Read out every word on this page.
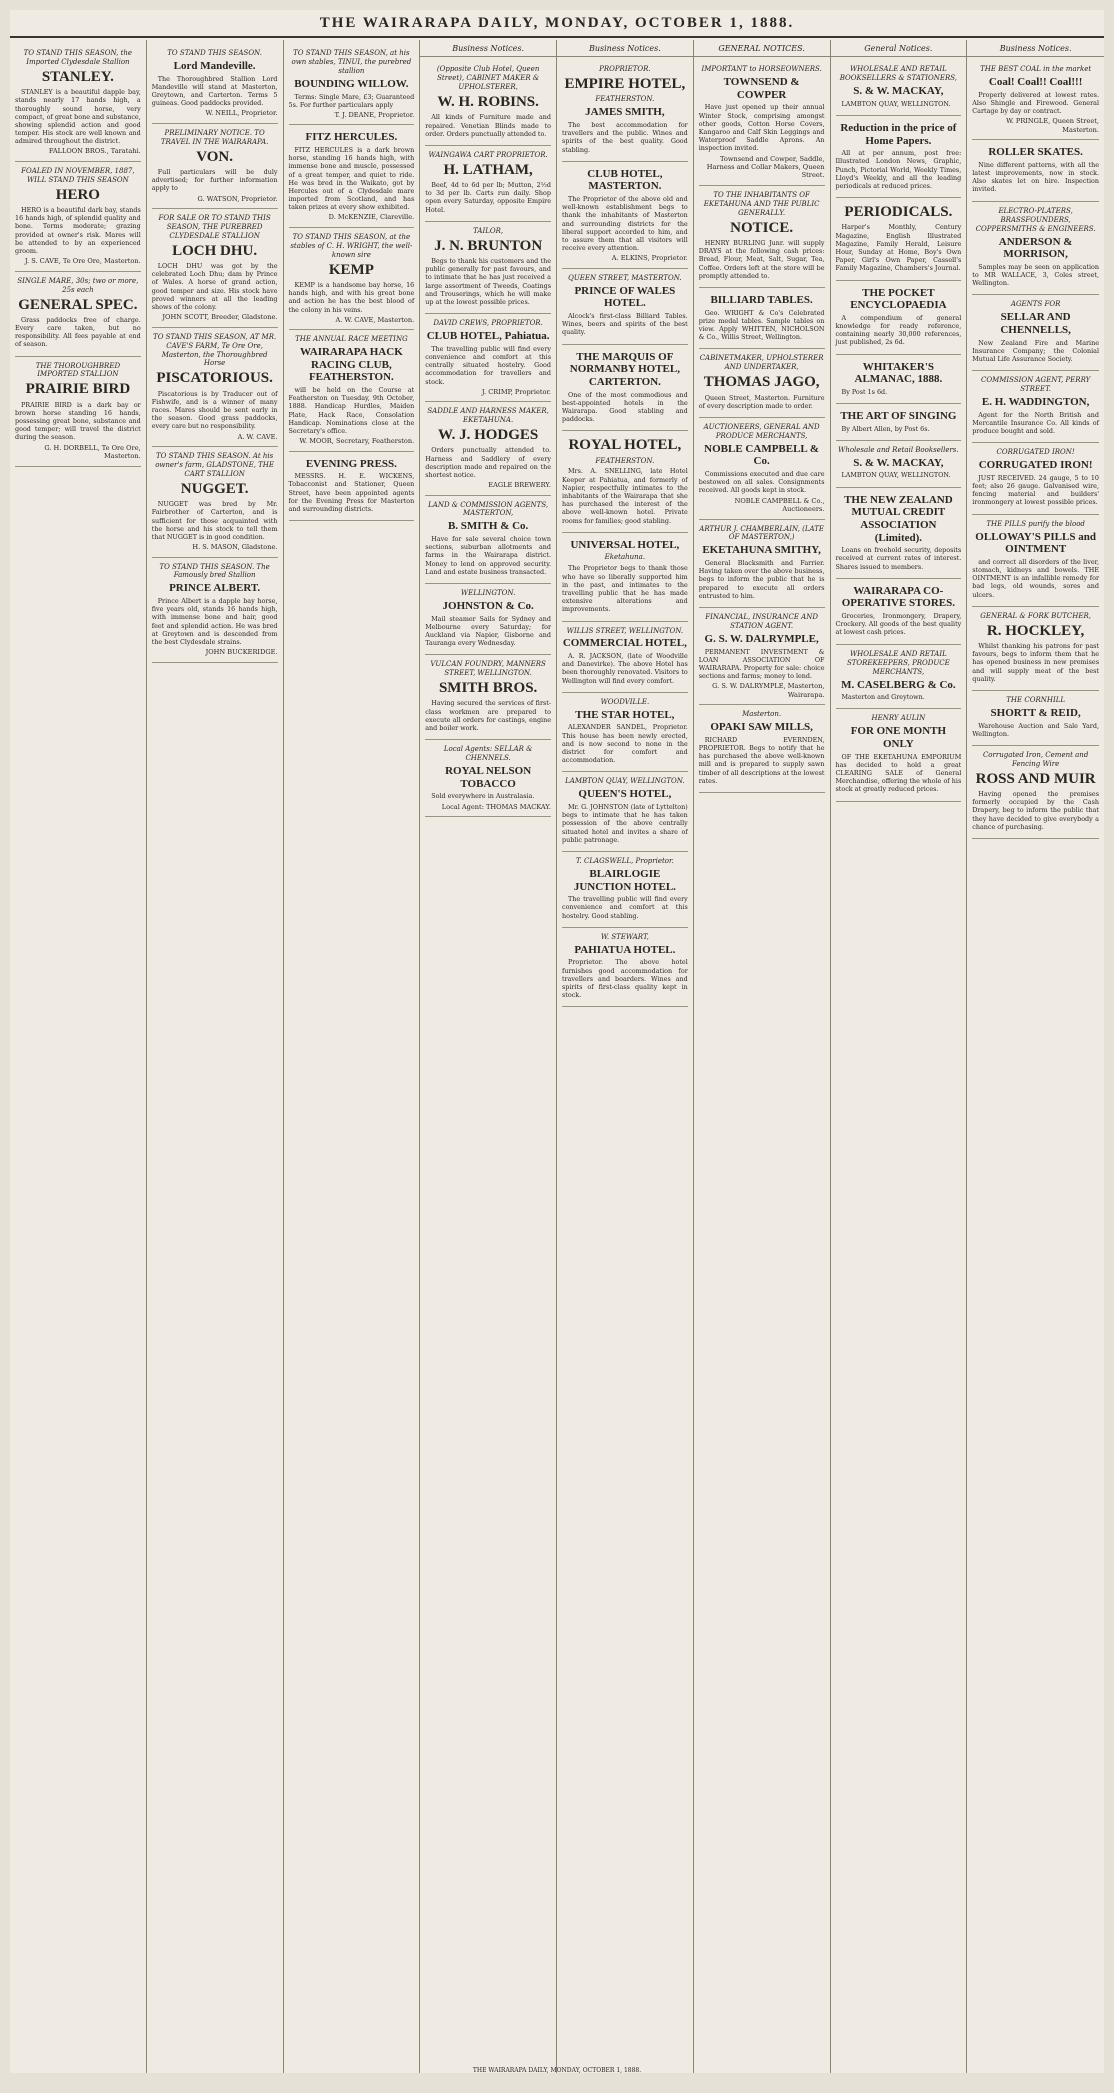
THE WAIRARAPA DAILY, MONDAY, OCTOBER 1, 1888.
TO STAND THIS SEASON, the Imported Clydesdale Stallion
STANLEY.

STANLEY is a beautiful dapple bay, stands nearly 17 hands high, a thoroughly sound horse, very compact, of great bone and substance, showing splendid action and good temper. His stock are well known and admired throughout the district.

FALLOON BROS., Taratahi.
FOALED IN NOVEMBER, 1887, WILL STAND THIS SEASON
HERO

HERO is a beautiful dark bay, stands 16 hands high, of splendid quality and bone. Terms moderate; grazing provided at owner's risk. Mares will be attended to by an experienced groom.

J. S. CAVE, Te Ore Ore, Masterton.
SINGLE MARE, 30s; two or more, 25s each
GENERAL SPEC.

Grass paddocks free of charge. Every care taken, but no responsibility. All fees payable at end of season.

THE THOROUGHBRED IMPORTED STALLION
PRAIRIE BIRD

PRAIRIE BIRD is a dark bay or brown horse standing 16 hands, possessing great bone, substance and good temper; will travel the district during the season.

G. H. DORBELL, Te Ore Ore, Masterton.
TO STAND THIS SEASON.
Lord Mandeville.

The Thoroughbred Stallion Lord Mandeville will stand at Masterton, Greytown, and Carterton. Terms 5 guineas. Good paddocks provided.

W. NEILL, Proprietor.
PRELIMINARY NOTICE. TO TRAVEL IN THE WAIRARAPA.
VON.

Full particulars will be duly advertised; for further information apply to

G. WATSON, Proprietor.
FOR SALE OR TO STAND THIS SEASON, THE PUREBRED CLYDESDALE STALLION
LOCH DHU.

LOCH DHU was got by the celebrated Loch Dhu; dam by Prince of Wales. A horse of grand action, good temper and size. His stock have proved winners at all the leading shows of the colony.

JOHN SCOTT, Breeder, Gladstone.
TO STAND THIS SEASON, AT MR. CAVE'S FARM, Te Ore Ore, Masterton, the Thoroughbred Horse
PISCATORIOUS.

Piscatorious is by Traducer out of Fishwife, and is a winner of many races. Mares should be sent early in the season. Good grass paddocks, every care but no responsibility.

A. W. CAVE.
TO STAND THIS SEASON. At his owner's farm, GLADSTONE, THE CART STALLION
NUGGET.

NUGGET was bred by Mr. Fairbrother of Carterton, and is sufficient for those acquainted with the horse and his stock to tell them that NUGGET is in good condition.

H. S. MASON, Gladstone.
TO STAND THIS SEASON. The Famously bred Stallion
PRINCE ALBERT.

Prince Albert is a dapple bay horse, five years old, stands 16 hands high, with immense bone and hair, good feet and splendid action. He was bred at Greytown and is descended from the best Clydesdale strains.

JOHN BUCKERIDGE.
TO STAND THIS SEASON, at his own stables, TINUI, the purebred stallion
BOUNDING WILLOW.

Terms: Single Mare, £3; Guaranteed 5s. For further particulars apply

T. J. DEANE, Proprietor.
FITZ HERCULES.

FITZ HERCULES is a dark brown horse, standing 16 hands high, with immense bone and muscle, possessed of a great temper, and quiet to ride. He was bred in the Waikato, got by Hercules out of a Clydesdale mare imported from Scotland, and has taken prizes at every show exhibited.

D. McKENZIE, Clareville.
TO STAND THIS SEASON, at the stables of C. H. WRIGHT, the well-known sire
KEMP

KEMP is a handsome bay horse, 16 hands high, and with his great bone and action he has the best blood of the colony in his veins.

A. W. CAVE, Masterton.
THE ANNUAL RACE MEETING
WAIRARAPA HACK RACING CLUB, FEATHERSTON.

will be held on the Course at Featherston on Tuesday, 9th October, 1888. Handicap Hurdles, Maiden Plate, Hack Race, Consolation Handicap. Nominations close at the Secretary's office.

W. MOOR, Secretary, Featherston.
EVENING PRESS.

MESSRS. H. E. WICKENS, Tobacconist and Stationer, Queen Street, have been appointed agents for the Evening Press for Masterton and surrounding districts.

Business Notices.
(Opposite Club Hotel, Queen Street), CABINET MAKER & UPHOLSTERER,
W. H. ROBINS.

All kinds of Furniture made and repaired. Venetian Blinds made to order. Orders punctually attended to.

WAINGAWA CART PROPRIETOR.
H. LATHAM,

Beef, 4d to 6d per lb; Mutton, 2½d to 3d per lb. Carts run daily. Shop open every Saturday, opposite Empire Hotel.

TAILOR,
J. N. BRUNTON

Begs to thank his customers and the public generally for past favours, and to intimate that he has just received a large assortment of Tweeds, Coatings and Trouserings, which he will make up at the lowest possible prices.

DAVID CREWS, PROPRIETOR.
CLUB HOTEL, Pahiatua.

The travelling public will find every convenience and comfort at this centrally situated hostelry. Good accommodation for travellers and stock.

J. CRIMP, Proprietor.
SADDLE AND HARNESS MAKER, EKETAHUNA.
W. J. HODGES

Orders punctually attended to. Harness and Saddlery of every description made and repaired on the shortest notice.

EAGLE BREWERY.
LAND & COMMISSION AGENTS, MASTERTON,
B. SMITH & Co.

Have for sale several choice town sections, suburban allotments and farms in the Wairarapa district. Money to lend on approved security. Land and estate business transacted.

WELLINGTON.
JOHNSTON & Co.

Mail steamer Sails for Sydney and Melbourne every Saturday; for Auckland via Napier, Gisborne and Tauranga every Wednesday.

VULCAN FOUNDRY, MANNERS STREET, WELLINGTON.
SMITH BROS.

Having secured the services of first-class workmen are prepared to execute all orders for castings, engine and boiler work.

Local Agents: SELLAR & CHENNELS.
ROYAL NELSON TOBACCO

Sold everywhere in Australasia.

Local Agent: THOMAS MACKAY.
Business Notices.
PROPRIETOR.
EMPIRE HOTEL,
FEATHERSTON.
JAMES SMITH,

The best accommodation for travellers and the public. Wines and spirits of the best quality. Good stabling.

CLUB HOTEL, MASTERTON.

The Proprietor of the above old and well-known establishment begs to thank the inhabitants of Masterton and surrounding districts for the liberal support accorded to him, and to assure them that all visitors will receive every attention.

A. ELKINS, Proprietor.
QUEEN STREET, MASTERTON.
PRINCE OF WALES HOTEL.

Alcock's first-class Billiard Tables. Wines, beers and spirits of the best quality.

THE MARQUIS OF NORMANBY HOTEL, CARTERTON.

One of the most commodious and best-appointed hotels in the Wairarapa. Good stabling and paddocks.

ROYAL HOTEL,
FEATHERSTON.

Mrs. A. SNELLING, late Hotel Keeper at Pahiatua, and formerly of Napier, respectfully intimates to the inhabitants of the Wairarapa that she has purchased the interest of the above well-known hotel. Private rooms for families; good stabling.

UNIVERSAL HOTEL,
Eketahuna.

The Proprietor begs to thank those who have so liberally supported him in the past, and intimates to the travelling public that he has made extensive alterations and improvements.

WILLIS STREET, WELLINGTON.
COMMERCIAL HOTEL,

A. R. JACKSON, (late of Woodville and Danevirke). The above Hotel has been thoroughly renovated. Visitors to Wellington will find every comfort.

WOODVILLE.
THE STAR HOTEL,

ALEXANDER SANDEL, Proprietor. This house has been newly erected, and is now second to none in the district for comfort and accommodation.

LAMBTON QUAY, WELLINGTON.
QUEEN'S HOTEL,

Mr. G. JOHNSTON (late of Lyttelton) begs to intimate that he has taken possession of the above centrally situated hotel and invites a share of public patronage.

T. CLAGSWELL, Proprietor.
BLAIRLOGIE JUNCTION HOTEL.

The travelling public will find every convenience and comfort at this hostelry. Good stabling.

W. STEWART,
PAHIATUA HOTEL.

Proprietor. The above hotel furnishes good accommodation for travellers and boarders. Wines and spirits of first-class quality kept in stock.

GENERAL NOTICES.
IMPORTANT to HORSEOWNERS.
TOWNSEND & COWPER

Have just opened up their annual Winter Stock, comprising amongst other goods, Cotton Horse Covers, Kangaroo and Calf Skin Leggings and Waterproof Saddle Aprons. An inspection invited.

Townsend and Cowper, Saddle, Harness and Collar Makers, Queen Street.
TO THE INHABITANTS OF EKETAHUNA AND THE PUBLIC GENERALLY.
NOTICE.

HENRY BURLING Junr. will supply DRAYS at the following cash prices: Bread, Flour, Meat, Salt, Sugar, Tea, Coffee. Orders left at the store will be promptly attended to.

BILLIARD TABLES.

Geo. WRIGHT & Co's Celebrated prize medal tables. Sample tables on view. Apply WHITTEN, NICHOLSON & Co., Willis Street, Wellington.

CABINETMAKER, UPHOLSTERER AND UNDERTAKER,
THOMAS JAGO,

Queen Street, Masterton. Furniture of every description made to order.

AUCTIONEERS, GENERAL AND PRODUCE MERCHANTS,
NOBLE CAMPBELL & Co.

Commissions executed and due care bestowed on all sales. Consignments received. All goods kept in stock.

NOBLE CAMPBELL & Co., Auctioneers.
ARTHUR J. CHAMBERLAIN, (LATE OF MASTERTON,)
EKETAHUNA SMITHY,

General Blacksmith and Farrier. Having taken over the above business, begs to inform the public that he is prepared to execute all orders entrusted to him.

FINANCIAL, INSURANCE AND STATION AGENT.
G. S. W. DALRYMPLE,

PERMANENT INVESTMENT & LOAN ASSOCIATION OF WAIRARAPA. Property for sale: choice sections and farms; money to lend.

G. S. W. DALRYMPLE, Masterton, Wairarapa.
Masterton.
OPAKI SAW MILLS,

RICHARD EVERNDEN, PROPRIETOR. Begs to notify that he has purchased the above well-known mill and is prepared to supply sawn timber of all descriptions at the lowest rates.

General Notices.
WHOLESALE AND RETAIL BOOKSELLERS & STATIONERS,
S. & W. MACKAY,

LAMBTON QUAY, WELLINGTON.

Reduction in the price of Home Papers.

All at per annum, post free: Illustrated London News, Graphic, Punch, Pictorial World, Weekly Times, Lloyd's Weekly, and all the leading periodicals at reduced prices.

PERIODICALS.

Harper's Monthly, Century Magazine, English Illustrated Magazine, Family Herald, Leisure Hour, Sunday at Home, Boy's Own Paper, Girl's Own Paper, Cassell's Family Magazine, Chambers's Journal.

THE POCKET ENCYCLOPAEDIA

A compendium of general knowledge for ready reference, containing nearly 30,000 references, just published, 2s 6d.

WHITAKER'S ALMANAC, 1888.

By Post 1s 6d.

THE ART OF SINGING

By Albert Allen, by Post 6s.

Wholesale and Retail Booksellers.
S. & W. MACKAY,

LAMBTON QUAY, WELLINGTON.

THE NEW ZEALAND MUTUAL CREDIT ASSOCIATION (Limited).

Loans on freehold security, deposits received at current rates of interest. Shares issued to members.

WAIRARAPA CO-OPERATIVE STORES.

Groceries, Ironmongery, Drapery, Crockery. All goods of the best quality at lowest cash prices.

WHOLESALE AND RETAIL STOREKEEPERS, PRODUCE MERCHANTS,
M. CASELBERG & Co.

Masterton and Greytown.

HENRY AULIN
FOR ONE MONTH ONLY

OF THE EKETAHUNA EMPORIUM has decided to hold a great CLEARING SALE of General Merchandise, offering the whole of his stock at greatly reduced prices.

Business Notices.
THE BEST COAL in the market
Coal! Coal!! Coal!!!

Properly delivered at lowest rates. Also Shingle and Firewood. General Cartage by day or contract.

W. PRINGLE, Queen Street, Masterton.
ROLLER SKATES.

Nine different patterns, with all the latest improvements, now in stock. Also skates let on hire. Inspection invited.

ELECTRO-PLATERS, BRASSFOUNDERS, COPPERSMITHS & ENGINEERS.
ANDERSON & MORRISON,

Samples may be seen on application to MR WALLACE, 3, Coles street, Wellington.

AGENTS FOR
SELLAR AND CHENNELLS,

New Zealand Fire and Marine Insurance Company; the Colonial Mutual Life Assurance Society.

COMMISSION AGENT, PERRY STREET.
E. H. WADDINGTON,

Agent for the North British and Mercantile Insurance Co. All kinds of produce bought and sold.

CORRUGATED IRON!
CORRUGATED IRON!

JUST RECEIVED. 24 gauge, 5 to 10 feet; also 26 gauge. Galvanised wire, fencing material and builders' ironmongery at lowest possible prices.

THE PILLS purify the blood
OLLOWAY'S PILLS and OINTMENT

and correct all disorders of the liver, stomach, kidneys and bowels. THE OINTMENT is an infallible remedy for bad legs, old wounds, sores and ulcers.

GENERAL & FORK BUTCHER,
R. HOCKLEY,

Whilst thanking his patrons for past favours, begs to inform them that he has opened business in new premises and will supply meat of the best quality.

THE CORNHILL
SHORTT & REID,

Warehouse Auction and Sale Yard, Wellington.

Corrugated Iron, Cement and Fencing Wire
ROSS AND MUIR

Having opened the premises formerly occupied by the Cash Drapery, beg to inform the public that they have decided to give everybody a chance of purchasing.

THE WAIRARAPA DAILY, MONDAY, OCTOBER 1, 1888.
